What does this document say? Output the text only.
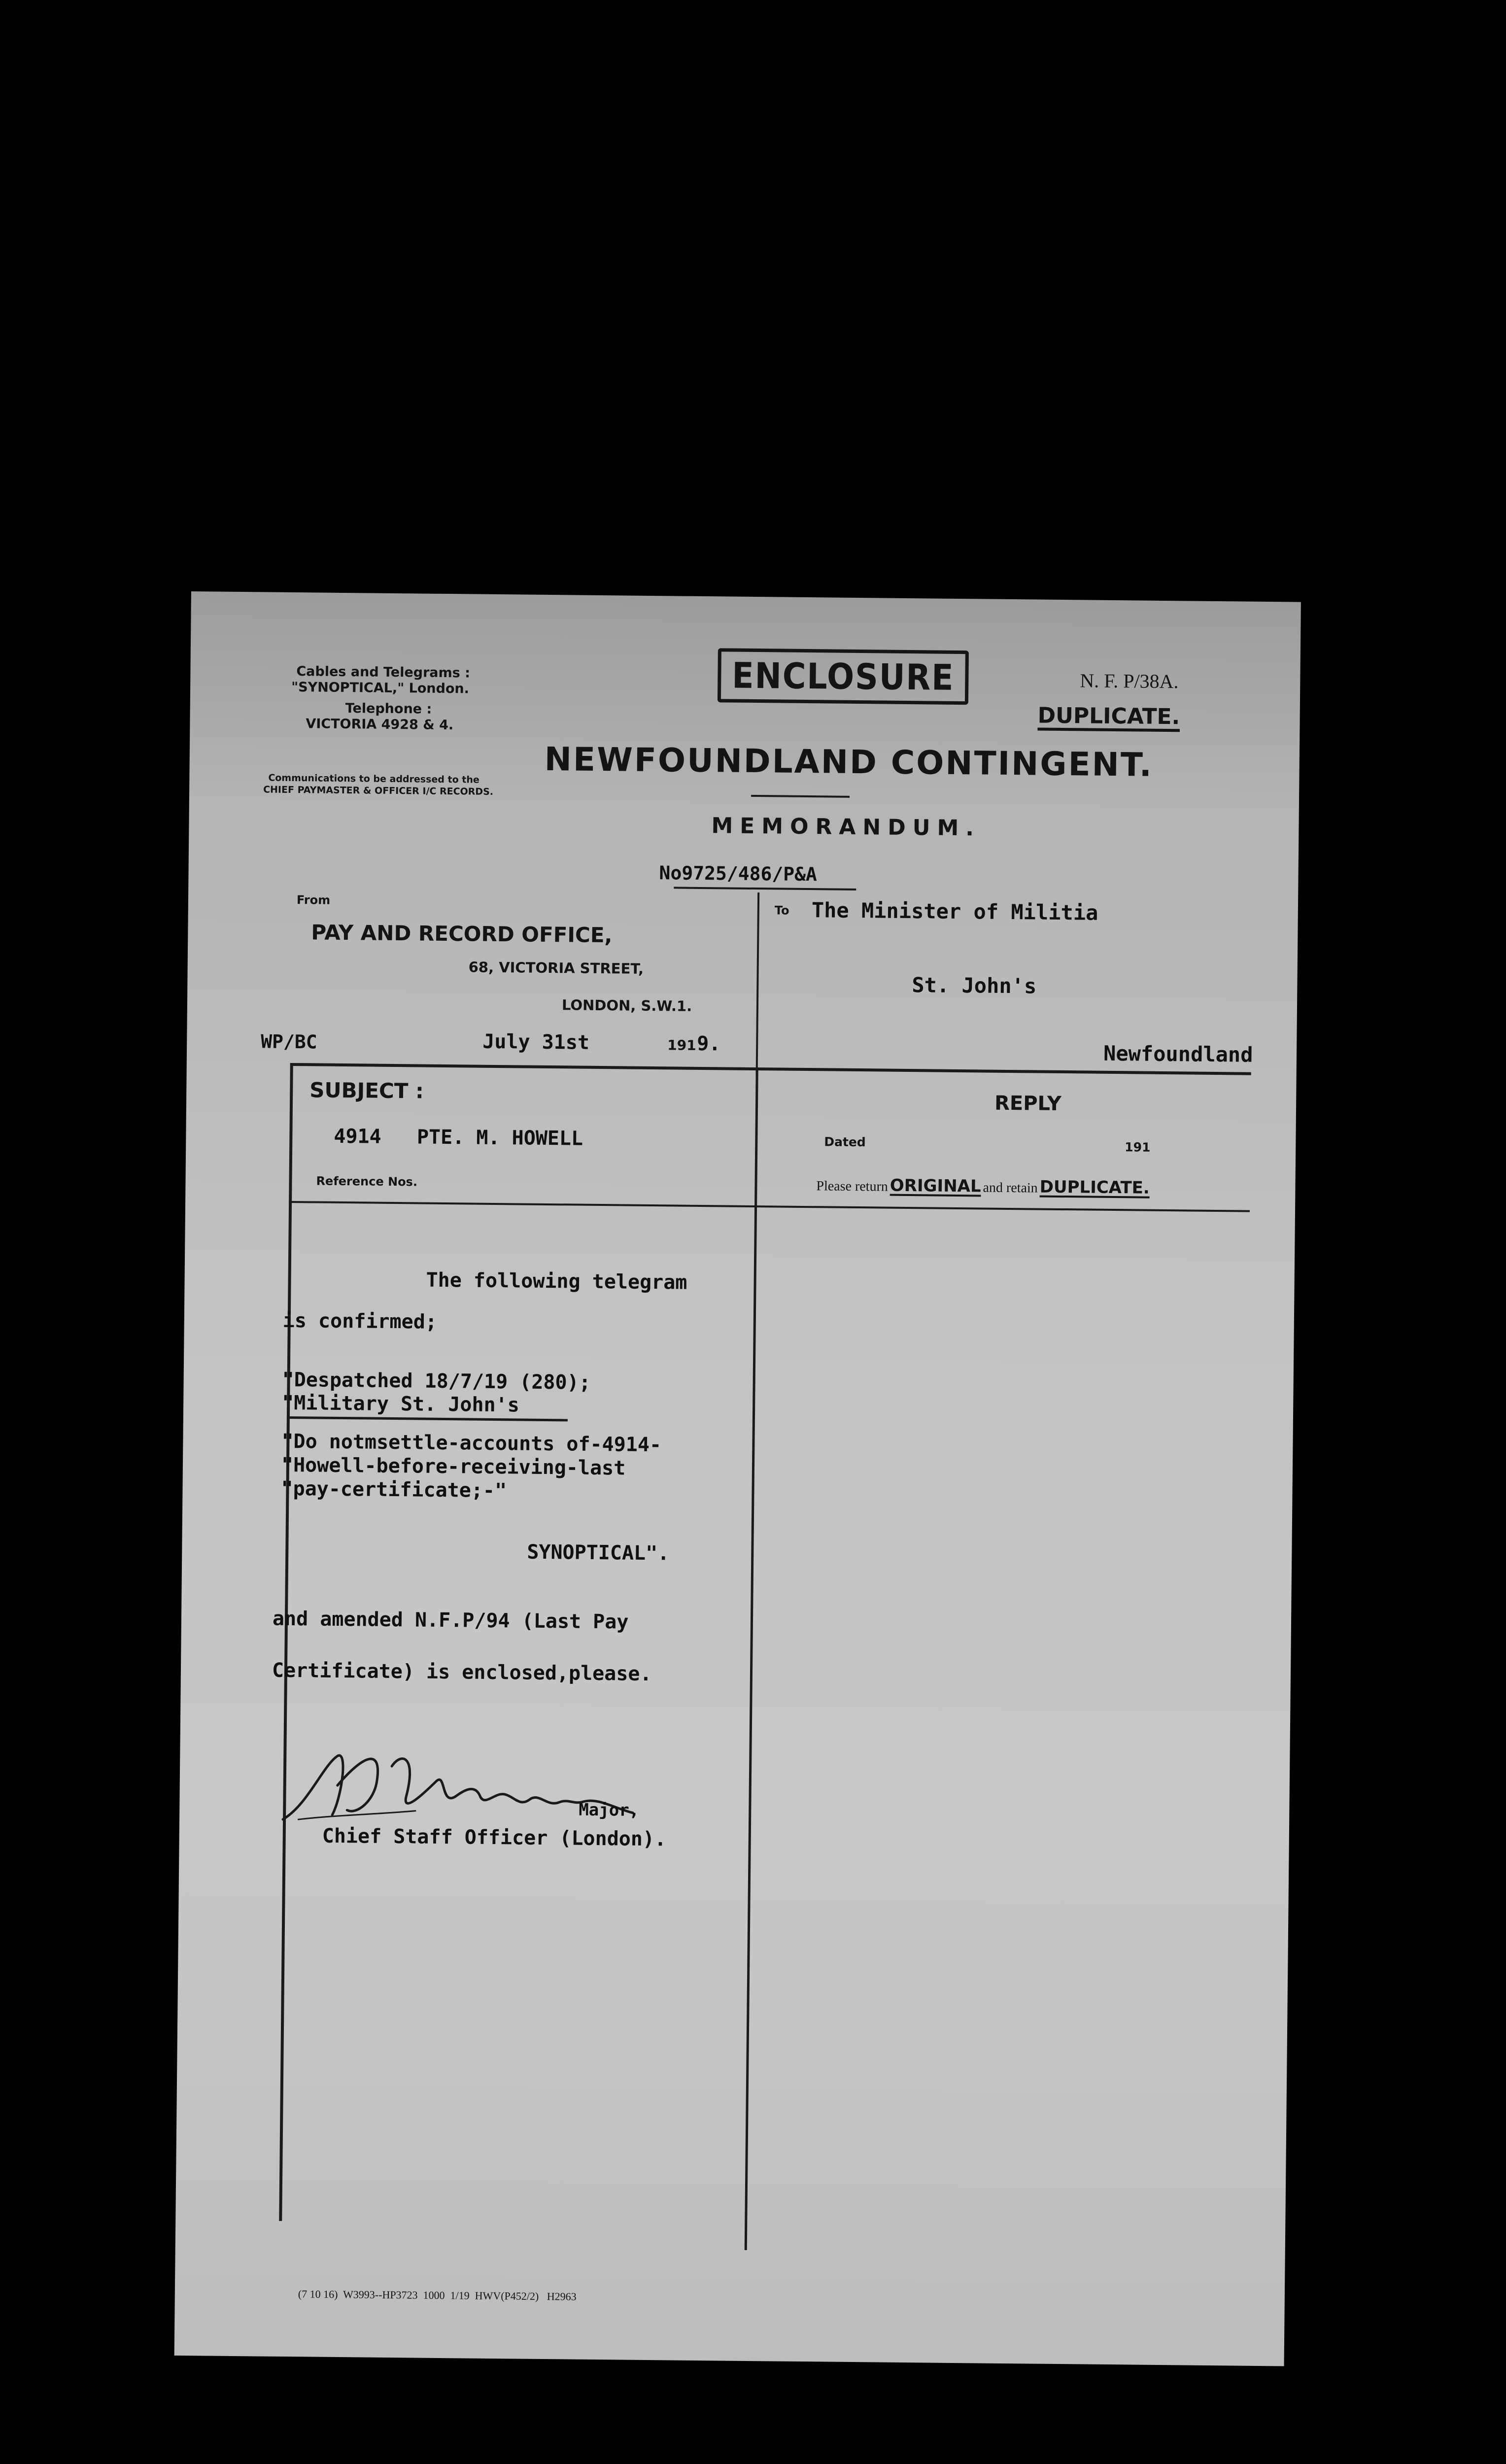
Cables and Telegrams :
"SYNOPTICAL," London.
Telephone :
VICTORIA 4928 & 4.
Communications to be addressed to the
CHIEF PAYMASTER & OFFICER I/C RECORDS.
ENCLOSURE	N. F. P/38A.
DUPLICATE.
NEWFOUNDLAND CONTINGENT.
MEMORANDUM.
No9725/486/P&A
From
PAY AND RECORD OFFICE,
68, VICTORIA STREET,
LONDON, S.W.1.
WP/BC	July 31st	191 9.
To The Minister of Militia
St. John's
Newfoundland
SUBJECT :
4914   PTE. M. HOWELL
Reference Nos.
REPLY
Dated	191
Please return ORIGINAL and retain DUPLICATE.
The following telegram
is confirmed;
"Despatched 18/7/19 (280);
"Military St. John's
"Do notmsettle-accounts of-4914-
"Howell-before-receiving-last
"pay-certificate;-"
SYNOPTICAL".
and amended N.F.P/94 (Last Pay
Certificate) is enclosed,please.
Major,
Chief Staff Officer (London).
(7 10 16)  W3993--HP3723  1000  1/19  HWV(P452/2)   H2963
